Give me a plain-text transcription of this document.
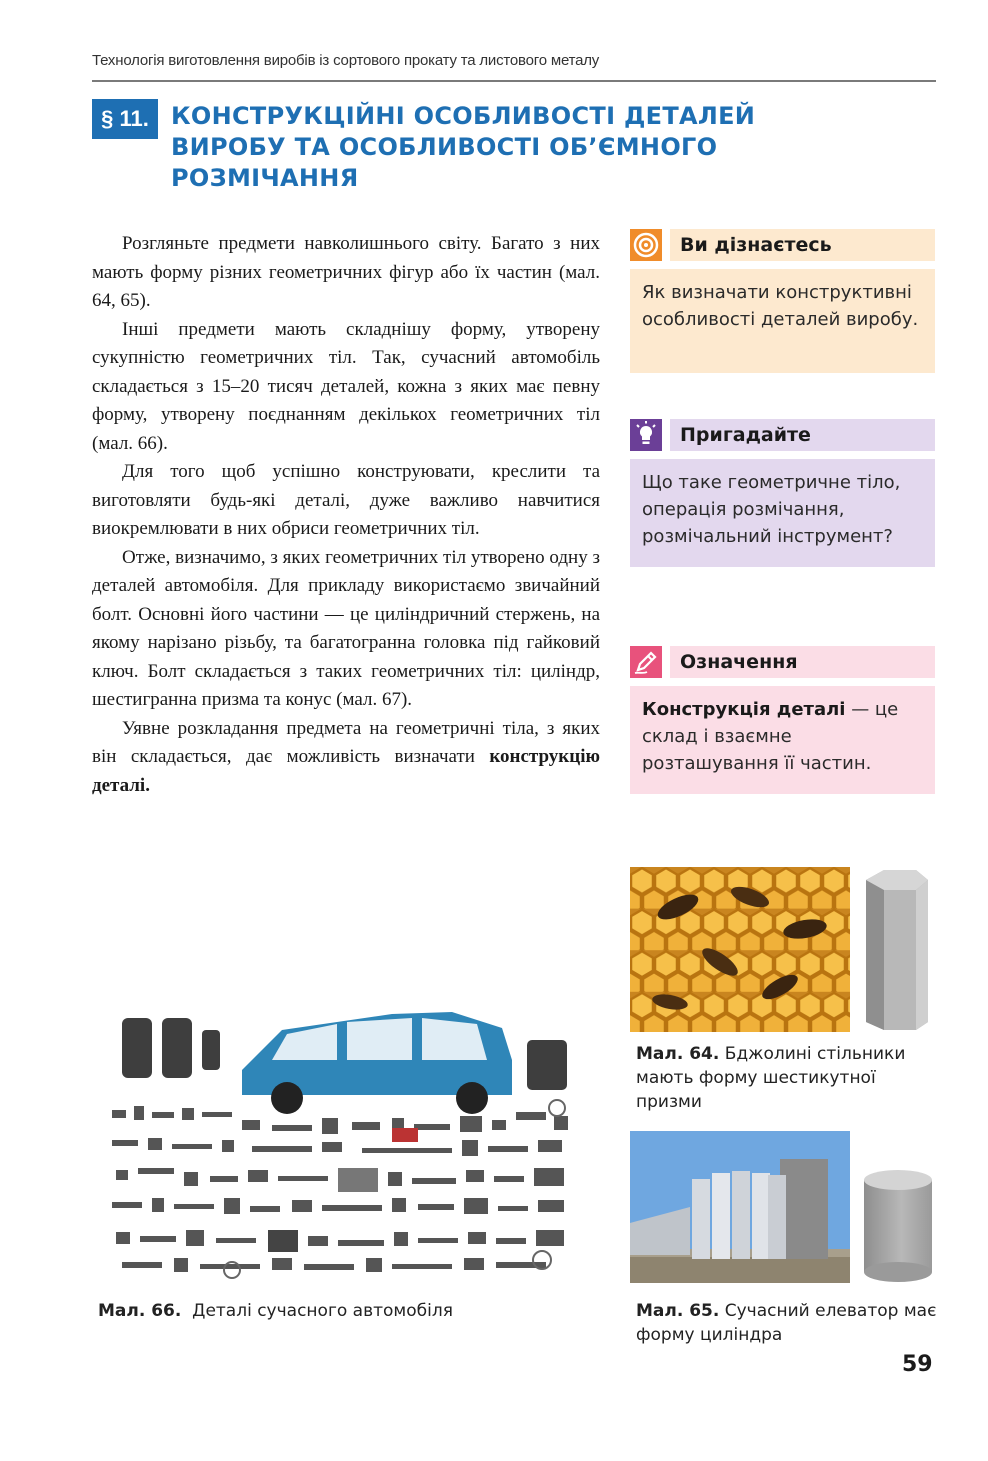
Технологія виготовлення виробів із сортового прокату та листового металу
§ 11. КОНСТРУКЦІЙНІ ОСОБЛИВОСТІ ДЕТАЛЕЙ
ВИРОБУ ТА ОСОБЛИВОСТІ ОБ’ЄМНОГО
РОЗМІЧАННЯ

Розгляньте предмети навколишнього світу. Багато з них мають форму різних геометричних фігур або їх частин (мал. 64, 65).

Інші предмети мають складнішу форму, утворену сукупністю геометричних тіл. Так, сучасний автомобіль складається з 15–20 тисяч деталей, кожна з яких має певну форму, утворену поєднанням декількох геометричних тіл (мал. 66).

Для того щоб успішно конструювати, креслити та виготовляти будь-які деталі, дуже важливо навчитися виокремлювати в них обриси геометричних тіл.

Отже, визначимо, з яких геометричних тіл утворено одну з деталей автомобіля. Для прикладу використаємо звичайний болт. Основні його частини — це циліндричний стержень, на якому нарізано різьбу, та багатогранна головка під гайковий ключ. Болт складається з таких геометричних тіл: циліндр, шестигранна призма та конус (мал. 67).

Уявне розкладання предмета на геометричні тіла, з яких він складається, дає можливість визначати конструкцію деталі.

Ви дізнаєтесь
Як визначати конструктивні особливості деталей виробу.
Пригадайте
Що таке геометричне тіло, операція розмічання, розмічальний інструмент?
Означення
Конструкція деталі — це склад і взаємне розташування її частин.
Мал. 64. Бджолині стільники мають форму шестикутної призми
Мал. 65. Сучасний елеватор має форму циліндра
Мал. 66. Деталі сучасного автомобіля
59
